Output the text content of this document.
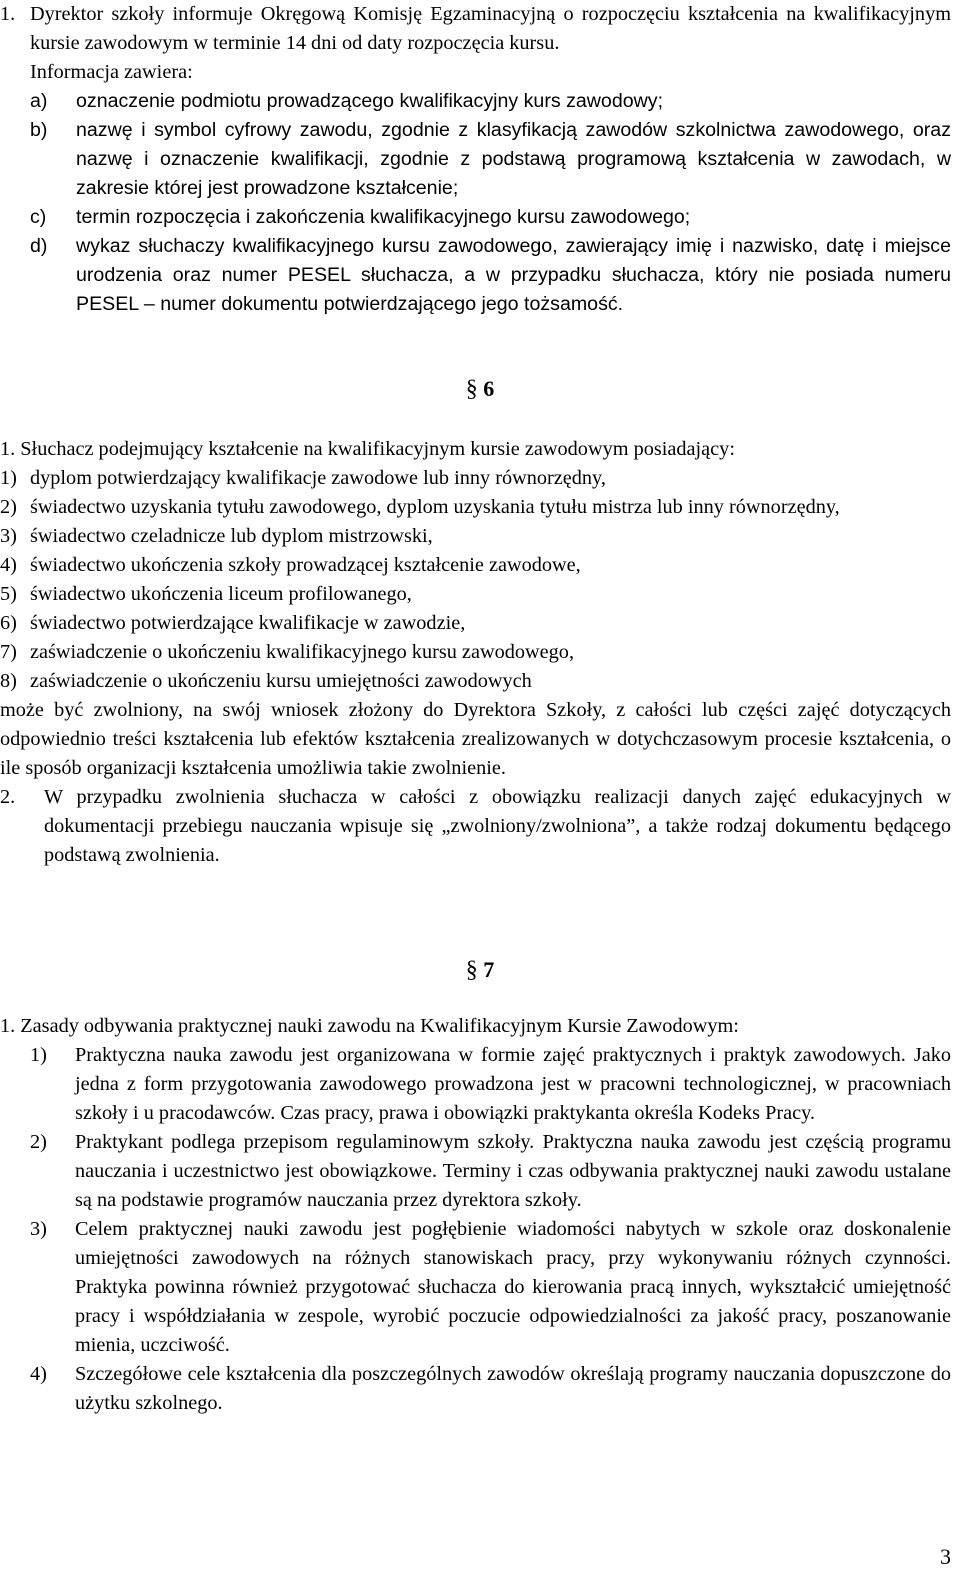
1. Dyrektor szkoły informuje Okręgową Komisję Egzaminacyjną o rozpoczęciu kształcenia na kwalifikacyjnym kursie zawodowym w terminie 14 dni od daty rozpoczęcia kursu.

Informacja zawiera:

a)	oznaczenie podmiotu prowadzącego kwalifikacyjny kurs zawodowy;

b)	nazwę i symbol cyfrowy zawodu, zgodnie z klasyfikacją zawodów szkolnictwa zawodowego, oraz nazwę i oznaczenie kwalifikacji, zgodnie z podstawą programową kształcenia w zawodach, w zakresie której jest prowadzone kształcenie;

c)	termin rozpoczęcia i zakończenia kwalifikacyjnego kursu zawodowego;

d)	wykaz słuchaczy kwalifikacyjnego kursu zawodowego, zawierający imię i nazwisko, datę i miejsce urodzenia oraz numer PESEL słuchacza, a w przypadku słuchacza, który nie posiada numeru PESEL – numer dokumentu potwierdzającego jego tożsamość.

§ 6

1. Słuchacz podejmujący kształcenie na kwalifikacyjnym kursie zawodowym posiadający:

1) dyplom potwierdzający kwalifikacje zawodowe lub inny równorzędny,

2) świadectwo uzyskania tytułu zawodowego, dyplom uzyskania tytułu mistrza lub inny równorzędny,

3) świadectwo czeladnicze lub dyplom mistrzowski,

4) świadectwo ukończenia szkoły prowadzącej kształcenie zawodowe,

5) świadectwo ukończenia liceum profilowanego,

6) świadectwo potwierdzające kwalifikacje w zawodzie,

7) zaświadczenie o ukończeniu kwalifikacyjnego kursu zawodowego,

8) zaświadczenie o ukończeniu kursu umiejętności zawodowych

może być zwolniony, na swój wniosek złożony do Dyrektora Szkoły, z całości lub części zajęć dotyczących odpowiednio treści kształcenia lub efektów kształcenia zrealizowanych w dotychczasowym procesie kształcenia, o ile sposób organizacji kształcenia umożliwia takie zwolnienie.

2.	W przypadku zwolnienia słuchacza w całości z obowiązku realizacji danych zajęć edukacyjnych w dokumentacji przebiegu nauczania wpisuje się „zwolniony/zwolniona”, a także rodzaj dokumentu będącego podstawą zwolnienia.

§ 7

1. Zasady odbywania praktycznej nauki zawodu na Kwalifikacyjnym Kursie Zawodowym:

1)	Praktyczna nauka zawodu jest organizowana w formie zajęć praktycznych i praktyk zawodowych. Jako jedna z form przygotowania zawodowego prowadzona jest w pracowni technologicznej, w pracowniach szkoły i u pracodawców. Czas pracy, prawa i obowiązki praktykanta określa Kodeks Pracy.

2)	Praktykant podlega przepisom regulaminowym szkoły. Praktyczna nauka zawodu jest częścią programu nauczania i uczestnictwo jest obowiązkowe. Terminy i czas odbywania praktycznej nauki zawodu ustalane są na podstawie programów nauczania przez dyrektora szkoły.

3)	Celem praktycznej nauki zawodu jest pogłębienie wiadomości nabytych w szkole oraz doskonalenie umiejętności zawodowych na różnych stanowiskach pracy, przy wykonywaniu różnych czynności. Praktyka powinna również przygotować słuchacza do kierowania pracą innych, wykształcić umiejętność pracy i współdziałania w zespole, wyrobić poczucie odpowiedzialności za jakość pracy, poszanowanie mienia, uczciwość.

4)	Szczegółowe cele kształcenia dla poszczególnych zawodów określają programy nauczania dopuszczone do użytku szkolnego.

3
